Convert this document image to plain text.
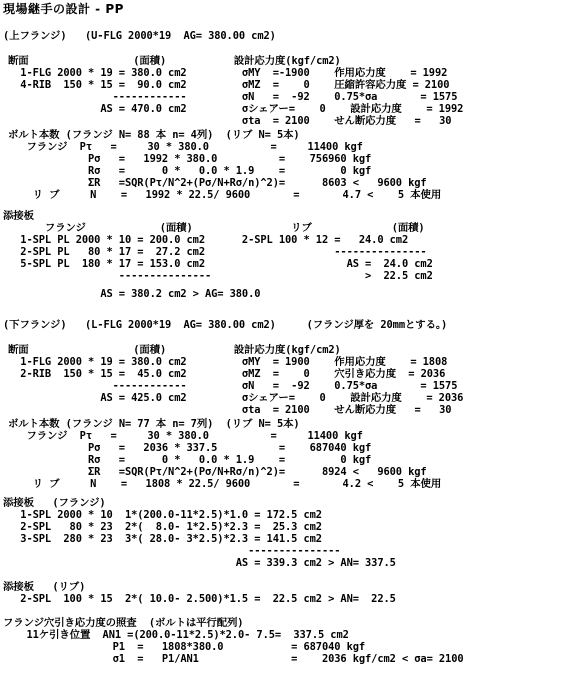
現場継手の設計 - PP
(上フランジ)   (U-FLG 2000*19  AG= 380.00 cm2)
断面                 (面積)           設計応力度(kgf/cm2)
1-FLG 2000 * 19 = 380.0 cm2         σMY  =-1900    作用応力度    = 1992
4-RIB  150 * 15 =  90.0 cm2         σMZ  =    0    圧縮許容応力度 = 2100
------------         σN   =  -92    0.75*σa       = 1575
AS = 470.0 cm2         σシェアー=    0    設計応力度    = 1992
σta  = 2100    せん断応力度   =   30
ボルト本数 (フランジ N= 88 本 n= 4列)  (リブ N= 5本)
フランジ  Pτ   =     30 * 380.0          =     11400 kgf
Pσ   =   1992 * 380.0          =    756960 kgf
Rσ   =      0 *   0.0 * 1.9    =         0 kgf
ΣR   =SQR(Pτ/N^2+(Pσ/N+Rσ/n)^2)=      8603 <   9600 kgf
リ ブ     N    =   1992 * 22.5/ 9600       =       4.7 <    5 本使用
添接板
フランジ            (面積)                リブ             (面積)
1-SPL PL 2000 * 10 = 200.0 cm2      2-SPL 100 * 12 =   24.0 cm2
2-SPL PL   80 * 17 =  27.2 cm2                     ---------------
5-SPL PL  180 * 17 = 153.0 cm2                       AS =  24.0 cm2
---------------                         >  22.5 cm2
AS = 380.2 cm2 > AG= 380.0
(下フランジ)   (L-FLG 2000*19  AG= 380.00 cm2)     (フランジ厚を 20mmとする。)
断面                 (面積)           設計応力度(kgf/cm2)
1-FLG 2000 * 19 = 380.0 cm2         σMY  = 1900    作用応力度    = 1808
2-RIB  150 * 15 =  45.0 cm2         σMZ  =    0    穴引き応力度  = 2036
------------         σN   =  -92    0.75*σa       = 1575
AS = 425.0 cm2         σシェアー=    0    設計応力度    = 2036
σta  = 2100    せん断応力度   =   30
ボルト本数 (フランジ N= 77 本 n= 7列)  (リブ N= 5本)
フランジ  Pτ   =     30 * 380.0          =     11400 kgf
Pσ   =   2036 * 337.5          =    687040 kgf
Rσ   =      0 *   0.0 * 1.9    =         0 kgf
ΣR   =SQR(Pτ/N^2+(Pσ/N+Rσ/n)^2)=      8924 <   9600 kgf
リ ブ     N    =   1808 * 22.5/ 9600       =       4.2 <    5 本使用
添接板   (フランジ)
1-SPL 2000 * 10  1*(200.0-11*2.5)*1.0 = 172.5 cm2
2-SPL   80 * 23  2*(  8.0- 1*2.5)*2.3 =  25.3 cm2
3-SPL  280 * 23  3*( 28.0- 3*2.5)*2.3 = 141.5 cm2
---------------
AS = 339.3 cm2 > AN= 337.5
添接板   (リブ)
2-SPL  100 * 15  2*( 10.0- 2.500)*1.5 =  22.5 cm2 > AN=  22.5
フランジ穴引き応力度の照査  (ボルトは平行配列)
11ケ引き位置  AN1 =(200.0-11*2.5)*2.0- 7.5=  337.5 cm2
P1  =   1808*380.0           = 687040 kgf
σ1  =   P1/AN1               =    2036 kgf/cm2 < σa= 2100
